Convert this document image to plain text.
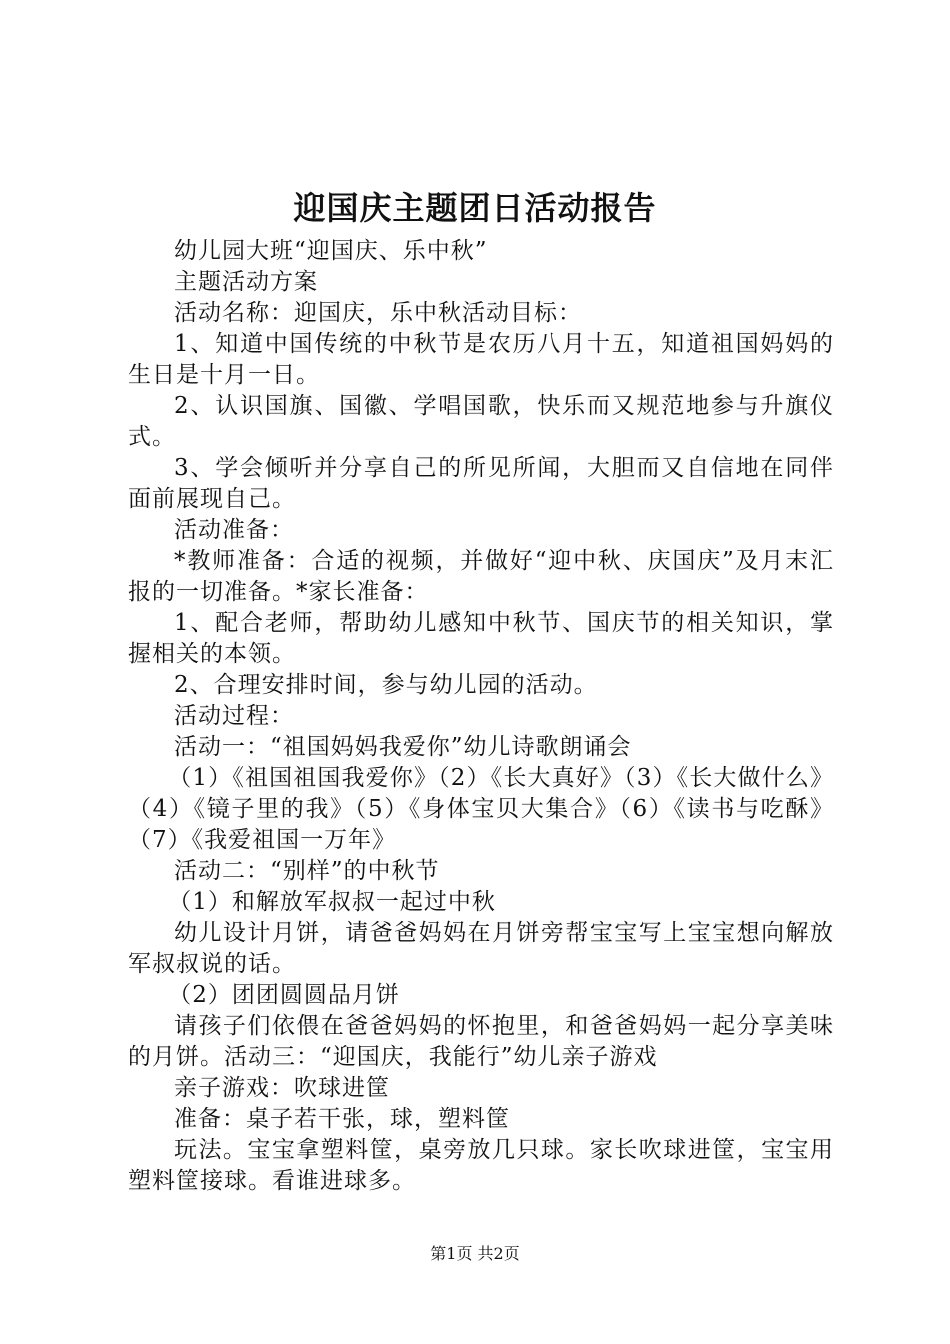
迎国庆主题团日活动报告

幼儿园大班“迎国庆、乐中秋”

主题活动方案

活动名称：迎国庆，乐中秋活动目标：

1、知道中国传统的中秋节是农历八月十五，知道祖国妈妈的生日是十月一日。

2、认识国旗、国徽、学唱国歌，快乐而又规范地参与升旗仪式。

3、学会倾听并分享自己的所见所闻，大胆而又自信地在同伴面前展现自己。

活动准备：

*教师准备：合适的视频，并做好“迎中秋、庆国庆”及月末汇报的一切准备。*家长准备：

1、配合老师，帮助幼儿感知中秋节、国庆节的相关知识，掌握相关的本领。

2、合理安排时间，参与幼儿园的活动。

活动过程：

活动一：“祖国妈妈我爱你”幼儿诗歌朗诵会

（1）《祖国祖国我爱你》（2）《长大真好》（3）《长大做什么》（4）《镜子里的我》（5）《身体宝贝大集合》（6）《读书与吃酥》（7）《我爱祖国一万年》

活动二：“别样”的中秋节

（1）和解放军叔叔一起过中秋

幼儿设计月饼，请爸爸妈妈在月饼旁帮宝宝写上宝宝想向解放军叔叔说的话。

（2）团团圆圆品月饼

请孩子们依偎在爸爸妈妈的怀抱里，和爸爸妈妈一起分享美味的月饼。活动三：“迎国庆，我能行”幼儿亲子游戏

亲子游戏：吹球进筐

准备：桌子若干张，球，塑料筐

玩法。宝宝拿塑料筐，桌旁放几只球。家长吹球进筐，宝宝用塑料筐接球。看谁进球多。

第1页 共2页
